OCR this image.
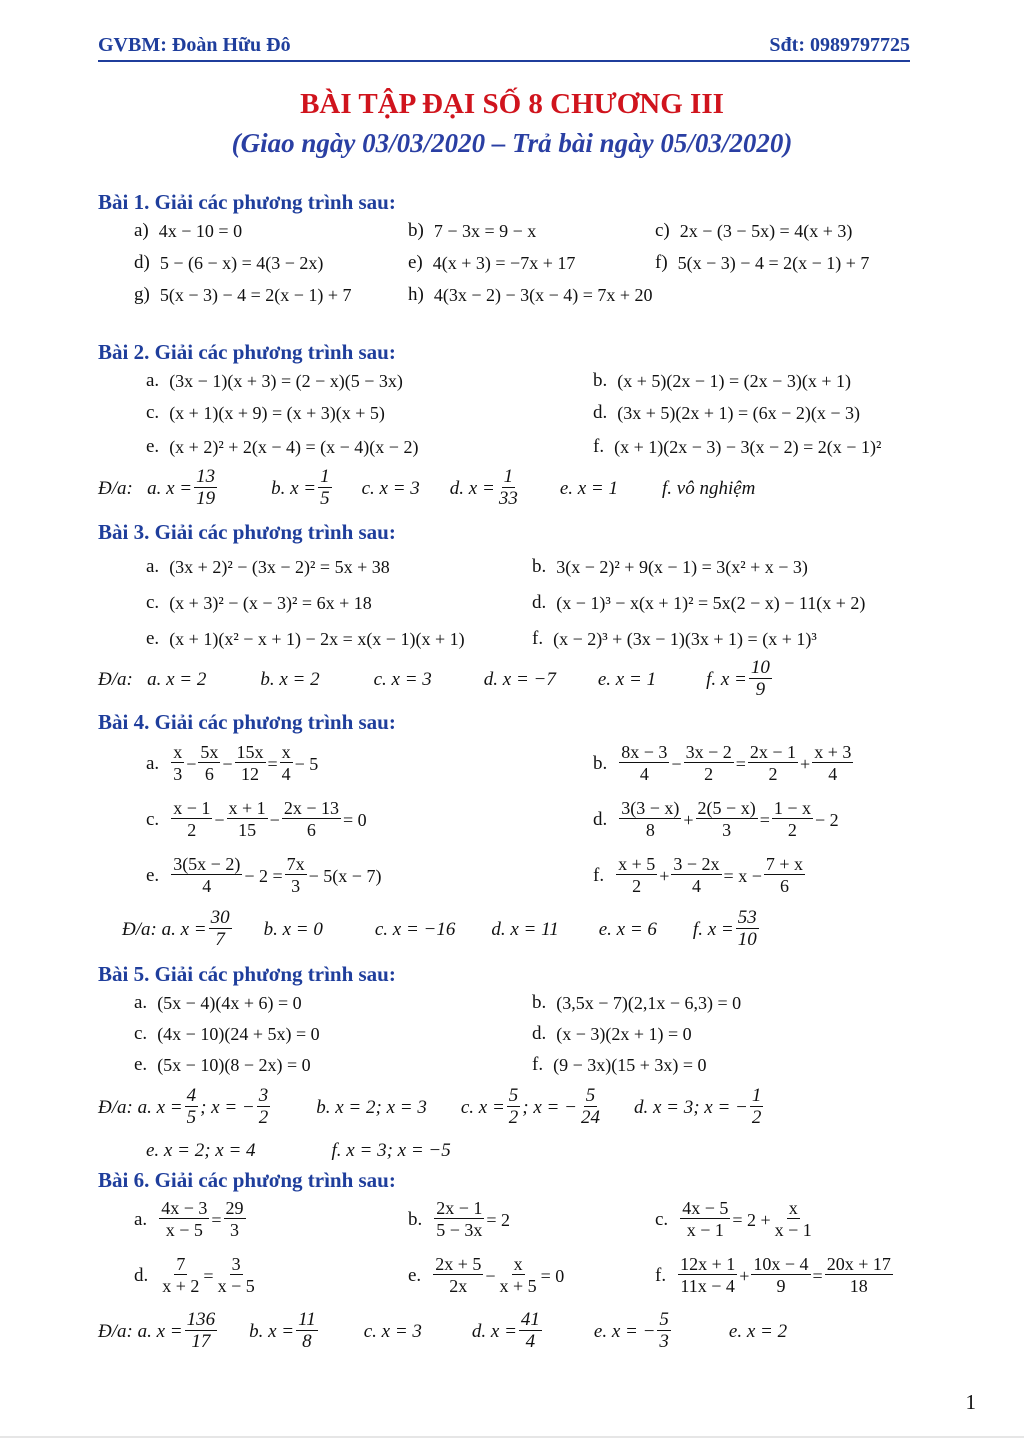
GVBM: Đoàn Hữu Đô	Sđt: 0989797725
BÀI TẬP ĐẠI SỐ 8 CHƯƠNG III
(Giao ngày 03/03/2020 – Trả bài ngày 05/03/2020)
Bài 1. Giải các phương trình sau:
a) 4x − 10 = 0	b) 7 − 3x = 9 − x	c) 2x − (3 − 5x) = 4(x + 3)
d) 5 − (6 − x) = 4(3 − 2x)	e) 4(x + 3) = −7x + 17	f) 5(x − 3) − 4 = 2(x − 1) + 7
g) 5(x − 3) − 4 = 2(x − 1) + 7	h) 4(3x − 2) − 3(x − 4) = 7x + 20
Bài 2. Giải các phương trình sau:
a. (3x − 1)(x + 3) = (2 − x)(5 − 3x)	b. (x + 5)(2x − 1) = (2x − 3)(x + 1)
c. (x + 1)(x + 9) = (x + 3)(x + 5)	d. (3x + 5)(2x + 1) = (6x − 2)(x − 3)
e. (x + 2)² + 2(x − 4) = (x − 4)(x − 2)	f. (x + 1)(2x − 3) − 3(x − 2) = 2(x − 1)²
Đ/a:
a.
$x = \frac{13}{19}$	b.
$x = \frac{1}{5} c$. x = 3 d.
$x = \frac{1}{33} e$. x = 1 f. vô nghiệm
Bài 3. Giải các phương trình sau:
a. (3x + 2)² − (3x − 2)² = 5x + 38	b. 3(x − 2)² + 9(x − 1) = 3(x² + x − 3)
c. (x + 3)² − (x − 3)² = 6x + 18	d. (x − 1)³ − x(x + 1)² = 5x(2 − x) − 11(x + 2)
e. (x + 1)(x² − x + 1) − 2x = x(x − 1)(x + 1)	f. (x − 2)³ + (3x − 1)(3x + 1) = (x + 1)³
Đ/a:
a. x = 2	b. x = 2	c. x = 3	d. x = −7 e. x = 1	f.
$x = \frac{10}{9}$
Bài 4. Giải các phương trình sau:
a. $\frac{x}{3} - \frac{5x}{6} - \frac{15x}{12} = \frac{x}{4} - 5$	b. $\frac{8x - 3}{4} - \frac{3x - 2}{2} = \frac{2x - 1}{2} + \frac{x + 3}{4}$
c. $\frac{x - 1}{2} - \frac{x + 1}{15} - \frac{2x - 13}{6} = 0$	d. $\frac{3(3 - x)}{8} + \frac{2(5 - x)}{3} = \frac{1 - x}{2} - 2$
e. $\frac{3(5x - 2)}{4} - 2 = \frac{7x}{3} - 5(x - 7)$	f. $\frac{x + 5}{2} + \frac{3 - 2x}{4} = x - \frac{7 + x}{6}$
Đ/a: a.
$x = \frac{30}{7} b$. x = 0	c. x = −16 d. x = 11 e. x = 6 f.
$x = \frac{53}{10}$
Bài 5. Giải các phương trình sau:
a. (5x − 4)(4x + 6) = 0	b. (3,5x − 7)(2,1x − 6,3) = 0
c. (4x − 10)(24 + 5x) = 0	d. (x − 3)(2x + 1) = 0
e. (5x − 10)(8 − 2x) = 0	f. (9 − 3x)(15 + 3x) = 0
Đ/a: a.
$x = \frac{4}{5}$ ; x = − $\frac{3}{2} b$. x = 2; x = 3 c.
$x = \frac{5}{2}$ ; x = − $\frac{5}{24} d$. x = 3; x = − $\frac{1}{2}$
e. x = 2; x = 4	f. x = 3; x = −5
Bài 6. Giải các phương trình sau:
a. $\frac{4x - 3}{x - 5} = \frac{29}{3}$	b. $\frac{2x - 1}{5 - 3x} = 2$	c. $\frac{4x - 5}{x - 1} = 2 + \frac{x}{x - 1}$
d. $\frac{7}{x + 2} = \frac{3}{x - 5}$	e. $\frac{2x + 5}{2x} - \frac{x}{x + 5} = 0$	f. $\frac{12x + 1}{11x - 4} + \frac{10x - 4}{9} = \frac{20x + 17}{18}$
Đ/a: a.
$x = \frac{136}{17} b$.
$x = \frac{11}{8} c$. x = 3	d.
$x = \frac{41}{4}$	e.
x = − $\frac{5}{3}$	e. x = 2
1
